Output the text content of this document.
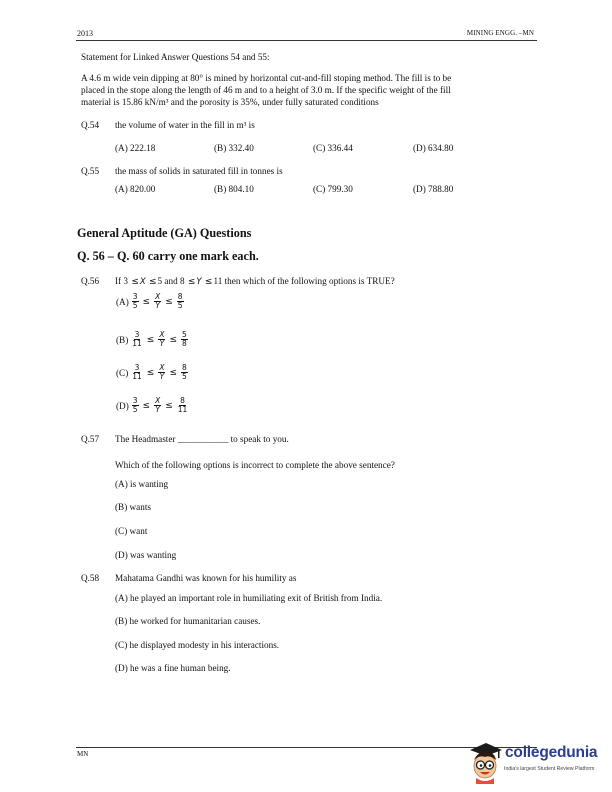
2013	MINING ENGG. –MN
Statement for Linked Answer Questions 54 and 55:
A 4.6 m wide vein dipping at 80° is mined by horizontal cut-and-fill stoping method. The fill is to be
placed in the stope along the length of 46 m and to a height of 3.0 m. If the specific weight of the fill
material is 15.86 kN/m³ and the porosity is 35%, under fully saturated conditions
Q.54 the volume of water in the fill in m³ is
(A) 222.18	(B) 332.40	(C) 336.44	(D) 634.80
Q.55 the mass of solids in saturated fill in tonnes is
(A) 820.00	(B) 804.10	(C) 799.30	(D) 788.80
General Aptitude (GA) Questions
Q. 56 – Q. 60 carry one mark each.
Q.56 If 3 ≤X ≤5 and 8 ≤Y ≤11 then which of the following options is TRUE?
$(A) \frac{3}{5} \le \frac{X}{Y} \le \frac{8}{5}$
$(B) \frac{3}{11} \le \frac{X}{Y} \le \frac{5}{8}$
$(C) \frac{3}{11} \le \frac{X}{Y} \le \frac{8}{5}$
$(D) \frac{3}{5} \le \frac{X}{Y} \le \frac{8}{11}$
Q.57 The Headmaster ___________ to speak to you.
Which of the following options is incorrect to complete the above sentence?
(A) is wanting
(B) wants
(C) want
(D) was wanting
Q.58 Mahatama Gandhi was known for his humility as
(A) he played an important role in humiliating exit of British from India.
(B) he worked for humanitarian causes.
(C) he displayed modesty in his interactions.
(D) he was a fine human being.
MN	collegedunia
India's largest Student Review Platform
